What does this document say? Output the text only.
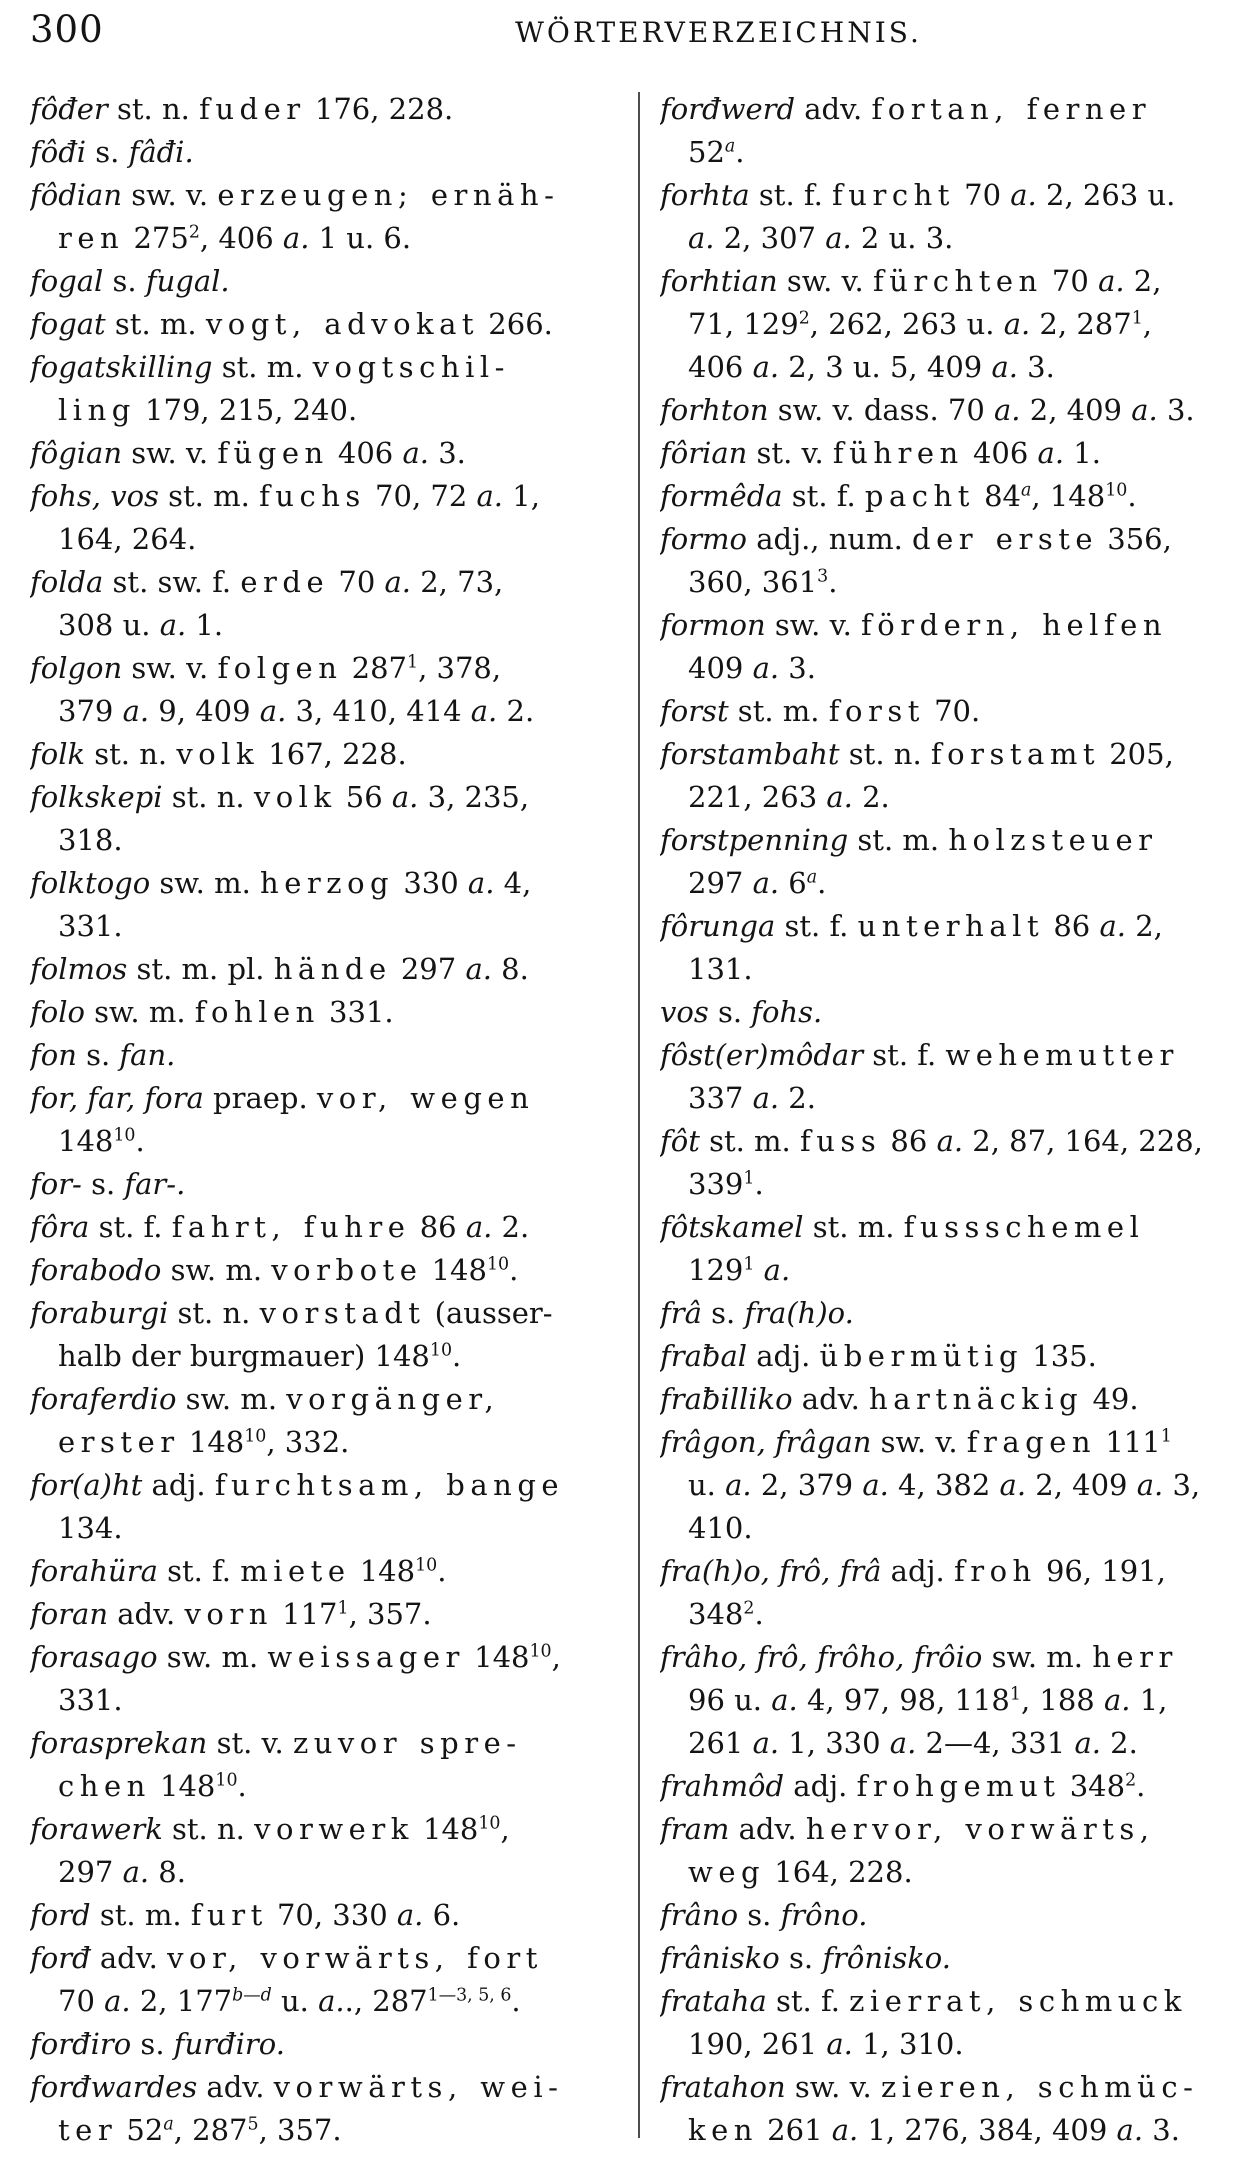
300	WÖRTERVERZEICHNIS.

fôđer st. n. fuder 176, 228.

fôđi s. fâđi.

fôdian sw. v. erzeugen; ernäh-
ren $275^2$, 406 a. 1 u. 6.

fogal s. fugal.

fogat st. m. vogt, advokat 266.

fogatskilling st. m. vogtschil-
ling 179, 215, 240.

fôgian sw. v. fügen 406 a. 3.

fohs, vos st. m. fuchs 70, 72 a. 1,
164, 264.

folda st. sw. f. erde 70 a. 2, 73,
308 u. a. 1.

folgon sw. v. folgen $287^1$, 378,
379 a. 9, 409 a. 3, 410, 414 a. 2.

folk st. n. volk 167, 228.

folkskepi st. n. volk 56 a. 3, 235,
318.

folktogo sw. m. herzog 330 a. 4,
331.

folmos st. m. pl. hände 297 a. 8.

folo sw. m. fohlen 331.

fon s. fan.

for, far, fora praep. vor, wegen
$148^{10}$.

for- s. far-.

fôra st. f. fahrt, fuhre 86 a. 2.

forabodo sw. m. vorbote $148^{10}$.

foraburgi st. n. vorstadt (ausser-
halb der burgmauer) $148^{10}$.

foraferdio sw. m. vorgänger,
erster $148^{10}$, 332.

for(a)ht adj. furchtsam, bange
134.

forahüra st. f. miete $148^{10}$.

foran adv. vorn $117^1$, 357.

forasago sw. m. weissager $148^{10}$,
331.

forasprekan st. v. zuvor spre-
chen $148^{10}$.

forawerk st. n. vorwerk $148^{10}$,
297 a. 8.

ford st. m. furt 70, 330 a. 6.

forđ adv. vor, vorwärts, fort
70 a. 2, $177^{b—d}$ u. a.., $287^{1—3, 5, 6}$.

forđiro s. furđiro.

forđwardes adv. vorwärts, wei-
ter 52$^a$, $287^5$, 357.

forđwerd adv. fortan, ferner
52$^a$.

forhta st. f. furcht 70 a. 2, 263 u.
a. 2, 307 a. 2 u. 3.

forhtian sw. v. fürchten 70 a. 2,
71, $129^2$, 262, 263 u. a. 2, $287^1$,
406 a. 2, 3 u. 5, 409 a. 3.

forhton sw. v. dass. 70 a. 2, 409 a. 3.

fôrian st. v. führen 406 a. 1.

formêda st. f. pacht 84$^a$, $148^{10}$.

formo adj., num. der erste 356,
360, $361^3$.

formon sw. v. fördern, helfen
409 a. 3.

forst st. m. forst 70.

forstambaht st. n. forstamt 205,
221, 263 a. 2.

forstpenning st. m. holzsteuer
297 a. 6$^a$.

fôrunga st. f. unterhalt 86 a. 2,
131.

vos s. fohs.

fôst(er)môdar st. f. wehemutter
337 a. 2.

fôt st. m. fuss 86 a. 2, 87, 164, 228,
$339^1$.

fôtskamel st. m. fussschemel
$129^1$ a.

frâ s. fra(h)o.

fraƀal adj. übermütig 135.

fraƀilliko adv. hartnäckig 49.

frâgon, frâgan sw. v. fragen $111^1$
u. a. 2, 379 a. 4, 382 a. 2, 409 a. 3,
410.

fra(h)o, frô, frâ adj. froh 96, 191,
$348^2$.

frâho, frô, frôho, frôio sw. m. herr
96 u. a. 4, 97, 98, $118^1$, 188 a. 1,
261 a. 1, 330 a. 2—4, 331 a. 2.

frahmôd adj. frohgemut $348^2$.

fram adv. hervor, vorwärts,
weg 164, 228.

frâno s. frôno.

frânisko s. frônisko.

frataha st. f. zierrat, schmuck
190, 261 a. 1, 310.

fratahon sw. v. zieren, schmüc-
ken 261 a. 1, 276, 384, 409 a. 3.
